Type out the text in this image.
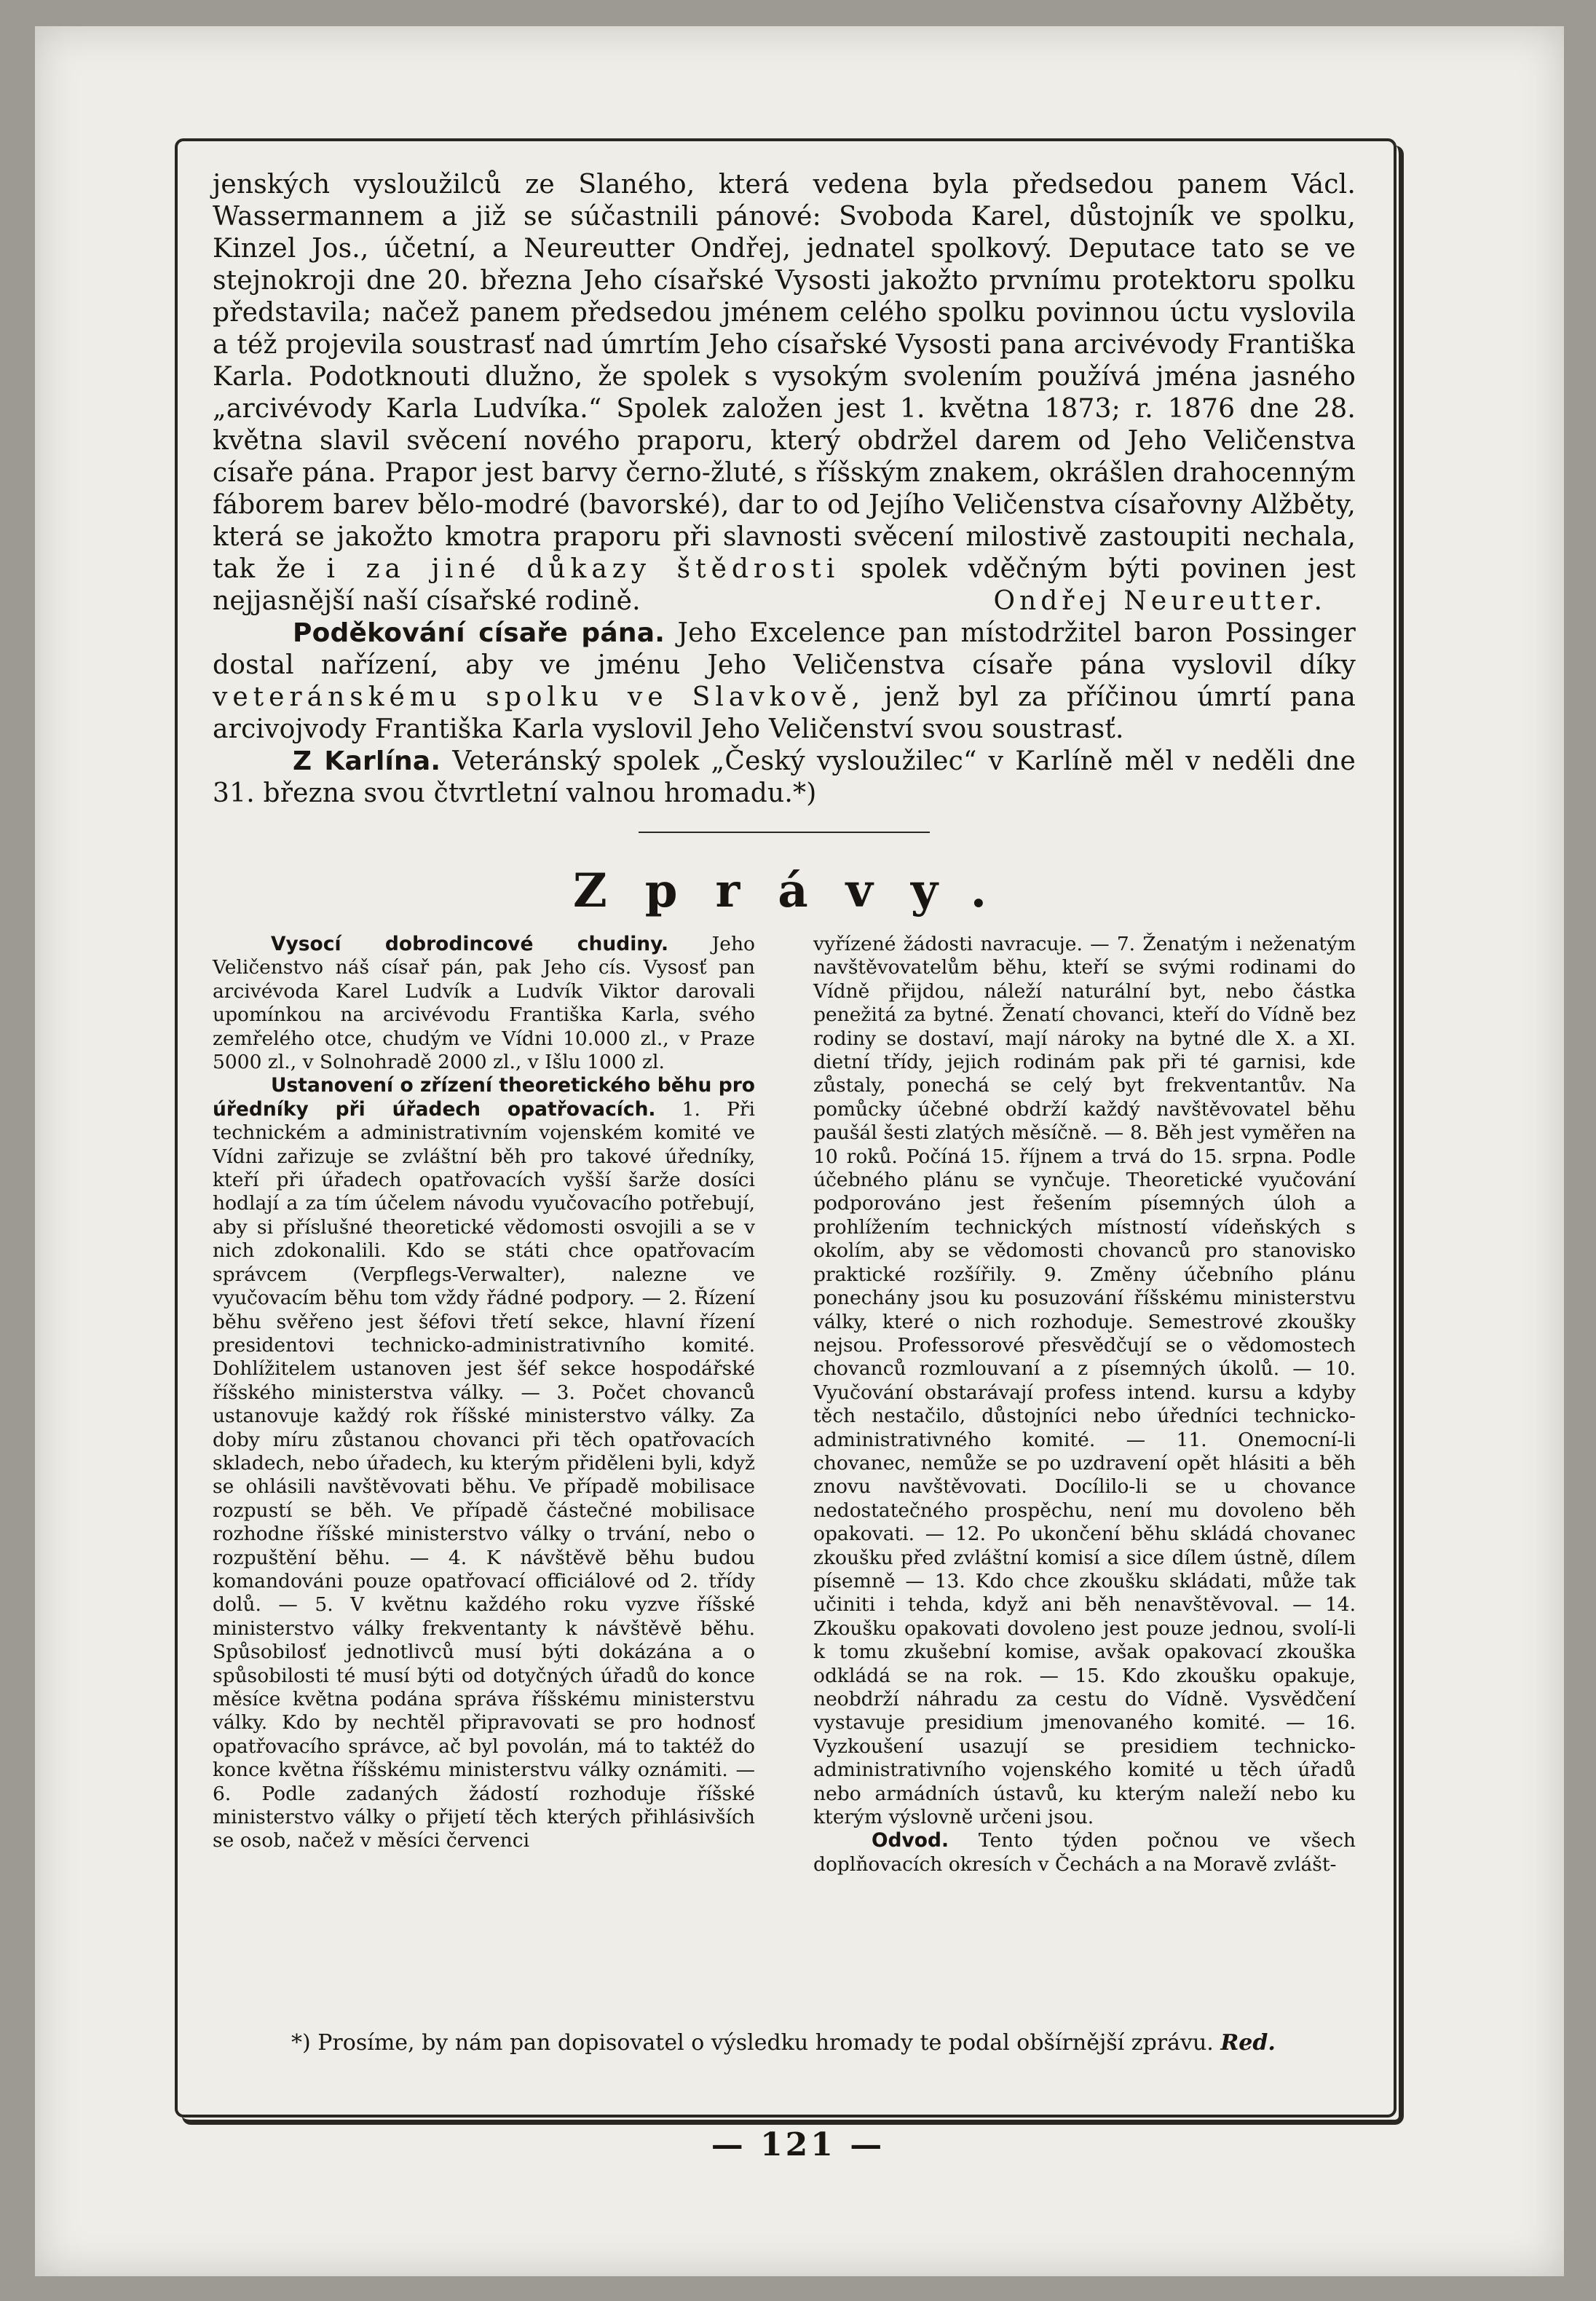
jenských vysloužilců ze Slaného, která vedena byla předsedou panem Václ. Wassermannem a již se súčastnili pánové: Svoboda Karel, důstojník ve spolku, Kinzel Jos., účetní, a Neureutter Ondřej, jednatel spolkový. Deputace tato se ve stejnokroji dne 20. března Jeho císařské Vysosti jakožto prvnímu protektoru spolku představila; načež panem předsedou jménem celého spolku povinnou úctu vyslovila a též projevila soustrasť nad úmrtím Jeho císařské Vysosti pana arcivévody Františka Karla. Podotknouti dlužno, že spolek s vysokým svolením používá jména jasného „arcivévody Karla Ludvíka.“ Spolek založen jest 1. května 1873; r. 1876 dne 28. května slavil svěcení nového praporu, který obdržel darem od Jeho Veličenstva císaře pána. Prapor jest barvy černo-žluté, s říšským znakem, okrášlen drahocenným fáborem barev bělo-modré (bavorské), dar to od Jejího Veličenstva císařovny Alžběty, která se jakožto kmotra praporu při slavnosti svěcení milostivě zastoupiti nechala, tak že i za jiné důkazy štědrosti spolek vděčným býti povinen jest nejjasnější naší císařské rodině.	Ondřej Neureutter.

Poděkování císaře pána. Jeho Excelence pan místodržitel baron Possinger dostal nařízení, aby ve jménu Jeho Veličenstva císaře pána vyslovil díky veteránskému spolku ve Slavkově, jenž byl za příčinou úmrtí pana arcivojvody Františka Karla vyslovil Jeho Veličenství svou soustrasť.

Z Karlína. Veteránský spolek „Český vysloužilec“ v Karlíně měl v neděli dne 31. března svou čtvrtletní valnou hromadu.*)

Zprávy.

Vysocí dobrodincové chudiny. Jeho Veličenstvo náš císař pán, pak Jeho cís. Vysosť pan arcivévoda Karel Ludvík a Ludvík Viktor darovali upomínkou na arcivévodu Františka Karla, svého zemřelého otce, chudým ve Vídni 10.000 zl., v Praze 5000 zl., v Solnohradě 2000 zl., v Išlu 1000 zl.

Ustanovení o zřízení theoretického běhu pro úředníky při úřadech opatřovacích. 1. Při technickém a administrativním vojenském komité ve Vídni zařizuje se zvláštní běh pro takové úředníky, kteří při úřadech opatřovacích vyšší šarže dosíci hodlají a za tím účelem návodu vyučovacího potřebují, aby si příslušné theoretické vědomosti osvojili a se v nich zdokonalili. Kdo se státi chce opatřovacím správcem (Verpflegs-Verwalter), nalezne ve vyučovacím běhu tom vždy řádné podpory. — 2. Řízení běhu svěřeno jest šéfovi třetí sekce, hlavní řízení presidentovi technicko-administrativního komité. Dohlížitelem ustanoven jest šéf sekce hospodářské říšského ministerstva války. — 3. Počet chovanců ustanovuje každý rok říšské ministerstvo války. Za doby míru zůstanou chovanci při těch opatřovacích skladech, nebo úřadech, ku kterým přiděleni byli, když se ohlásili navštěvovati běhu. Ve případě mobilisace rozpustí se běh. Ve případě částečné mobilisace rozhodne říšské ministerstvo války o trvání, nebo o rozpuštění běhu. — 4. K návštěvě běhu budou komandováni pouze opatřovací officiálové od 2. třídy dolů. — 5. V květnu každého roku vyzve říšské ministerstvo války frekventanty k návštěvě běhu. Spůsobilosť jednotlivců musí býti dokázána a o spůsobilosti té musí býti od dotyčných úřadů do konce měsíce května podána správa říšskému ministerstvu války. Kdo by nechtěl připravovati se pro hodnosť opatřovacího správce, ač byl povolán, má to taktéž do konce května říšskému ministerstvu války oznámiti. — 6. Podle zadaných žádostí rozhoduje říšské ministerstvo války o přijetí těch kterých přihlásivších se osob, načež v měsíci červenci

vyřízené žádosti navracuje. — 7. Ženatým i neženatým navštěvovatelům běhu, kteří se svými rodinami do Vídně přijdou, náleží naturální byt, nebo částka penežitá za bytné. Ženatí chovanci, kteří do Vídně bez rodiny se dostaví, mají nároky na bytné dle X. a XI. dietní třídy, jejich rodinám pak při té garnisi, kde zůstaly, ponechá se celý byt frekventantův. Na pomůcky účebné obdrží každý navštěvovatel běhu paušál šesti zlatých měsíčně. — 8. Běh jest vyměřen na 10 roků. Počíná 15. říjnem a trvá do 15. srpna. Podle účebného plánu se vynčuje. Theoretické vyučování podporováno jest řešením písemných úloh a prohlížením technických místností vídeňských s okolím, aby se vědomosti chovanců pro stanovisko praktické rozšířily. 9. Změny účebního plánu ponechány jsou ku posuzování říšskému ministerstvu války, které o nich rozhoduje. Semestrové zkoušky nejsou. Professorové přesvědčují se o vědomostech chovanců rozmlouvaní a z písemných úkolů. — 10. Vyučování obstarávají profess intend. kursu a kdyby těch nestačilo, důstojníci nebo úředníci technicko-administrativného komité. — 11. Onemocní-li chovanec, nemůže se po uzdravení opět hlásiti a běh znovu navštěvovati. Docílilo-li se u chovance nedostatečného prospěchu, není mu dovoleno běh opakovati. — 12. Po ukončení běhu skládá chovanec zkoušku před zvláštní komisí a sice dílem ústně, dílem písemně — 13. Kdo chce zkoušku skládati, může tak učiniti i tehda, když ani běh nenavštěvoval. — 14. Zkoušku opakovati dovoleno jest pouze jednou, svolí-li k tomu zkušební komise, avšak opakovací zkouška odkládá se na rok. — 15. Kdo zkoušku opakuje, neobdrží náhradu za cestu do Vídně. Vysvědčení vystavuje presidium jmenovaného komité. — 16. Vyzkoušení usazují se presidiem technicko-administrativního vojenského komité u těch úřadů nebo armádních ústavů, ku kterým naleží nebo ku kterým výslovně určeni jsou.

Odvod. Tento týden počnou ve všech doplňovacích okresích v Čechách a na Moravě zvlášt-

*) Prosíme, by nám pan dopisovatel o výsledku hromady te podal obšírnější zprávu. Red.
— 121 —
